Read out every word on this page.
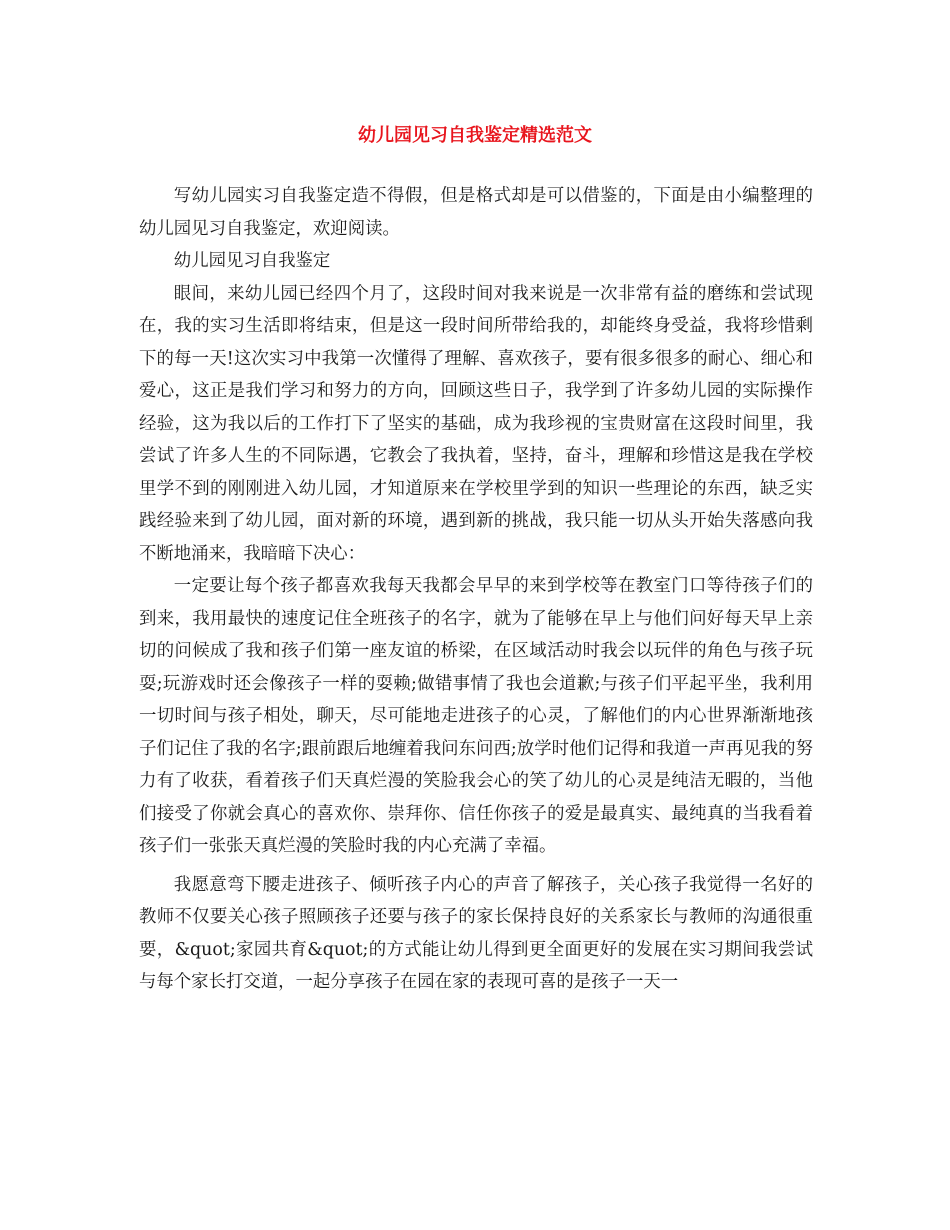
幼儿园见习自我鉴定精选范文

写幼儿园实习自我鉴定造不得假，但是格式却是可以借鉴的，下面是由小编整理的幼儿园见习自我鉴定，欢迎阅读。

幼儿园见习自我鉴定

眼间，来幼儿园已经四个月了，这段时间对我来说是一次非常有益的磨练和尝试现在，我的实习生活即将结束，但是这一段时间所带给我的，却能终身受益，我将珍惜剩下的每一天!这次实习中我第一次懂得了理解、喜欢孩子，要有很多很多的耐心、细心和爱心，这正是我们学习和努力的方向，回顾这些日子，我学到了许多幼儿园的实际操作经验，这为我以后的工作打下了坚实的基础，成为我珍视的宝贵财富在这段时间里，我尝试了许多人生的不同际遇，它教会了我执着，坚持，奋斗，理解和珍惜这是我在学校里学不到的刚刚进入幼儿园，才知道原来在学校里学到的知识一些理论的东西，缺乏实践经验来到了幼儿园，面对新的环境，遇到新的挑战，我只能一切从头开始失落感向我不断地涌来，我暗暗下决心：

一定要让每个孩子都喜欢我每天我都会早早的来到学校等在教室门口等待孩子们的到来，我用最快的速度记住全班孩子的名字，就为了能够在早上与他们问好每天早上亲切的问候成了我和孩子们第一座友谊的桥梁，在区域活动时我会以玩伴的角色与孩子玩耍;玩游戏时还会像孩子一样的耍赖;做错事情了我也会道歉;与孩子们平起平坐，我利用一切时间与孩子相处，聊天，尽可能地走进孩子的心灵，了解他们的内心世界渐渐地孩子们记住了我的名字;跟前跟后地缠着我问东问西;放学时他们记得和我道一声再见我的努力有了收获，看着孩子们天真烂漫的笑脸我会心的笑了幼儿的心灵是纯洁无暇的，当他们接受了你就会真心的喜欢你、崇拜你、信任你孩子的爱是最真实、最纯真的当我看着孩子们一张张天真烂漫的笑脸时我的内心充满了幸福。

我愿意弯下腰走进孩子、倾听孩子内心的声音了解孩子，关心孩子我觉得一名好的教师不仅要关心孩子照顾孩子还要与孩子的家长保持良好的关系家长与教师的沟通很重要，&quot;家园共育&quot;的方式能让幼儿得到更全面更好的发展在实习期间我尝试与每个家长打交道，一起分享孩子在园在家的表现可喜的是孩子一天一
